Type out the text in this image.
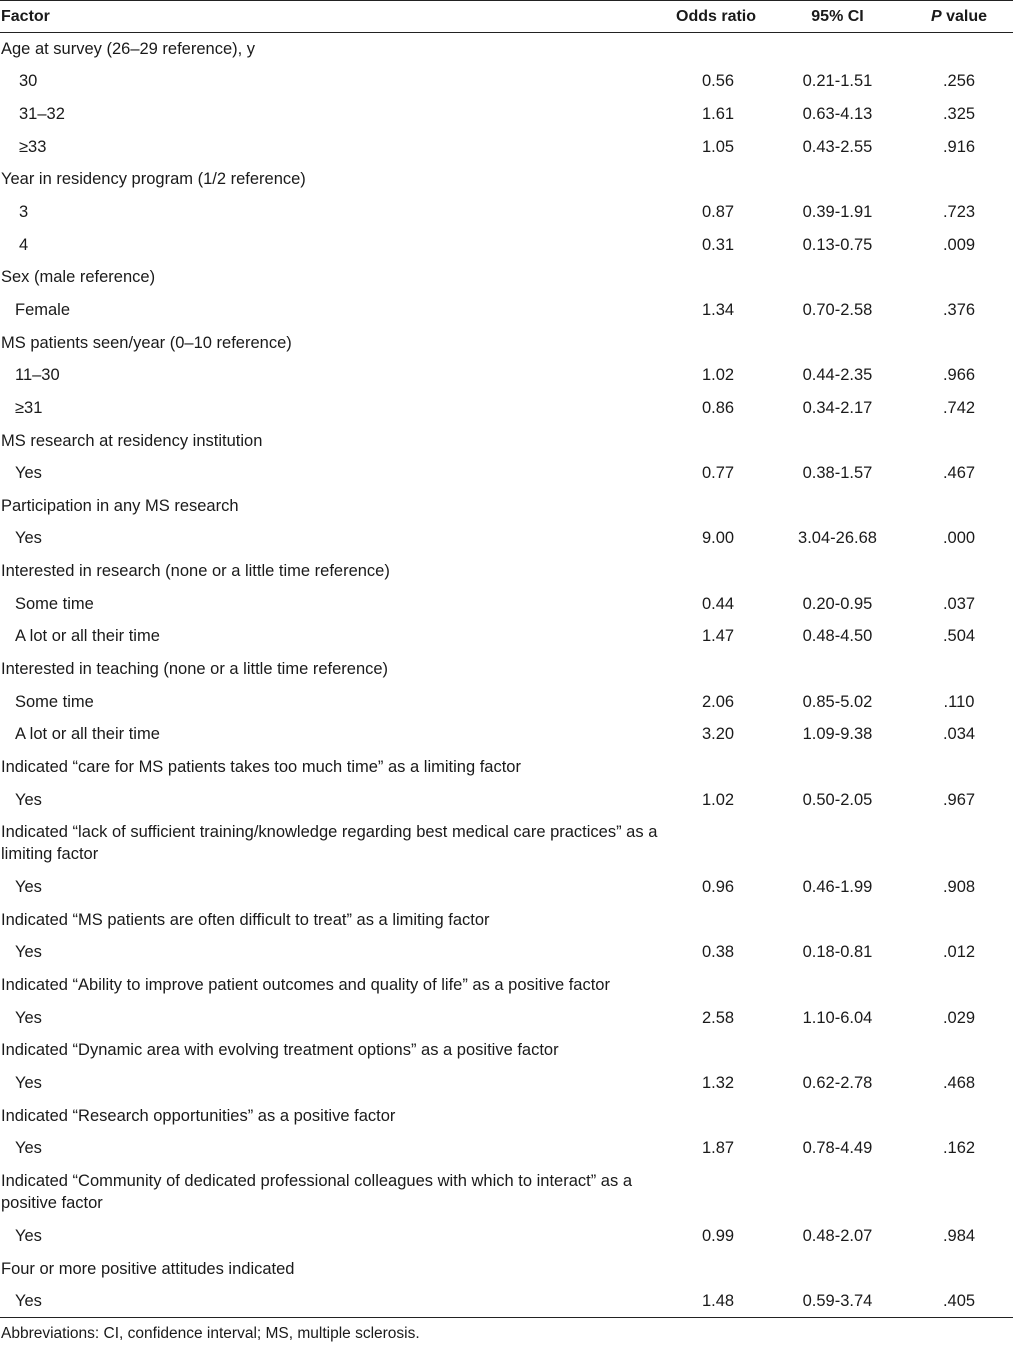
Factor	Odds ratio	95% CI	P value
Age at survey (26–29 reference), y			
30	0.56	0.21-1.51	.256
31–32	1.61	0.63-4.13	.325
≥33	1.05	0.43-2.55	.916
Year in residency program (1/2 reference)			
3	0.87	0.39-1.91	.723
4	0.31	0.13-0.75	.009
Sex (male reference)			
Female	1.34	0.70-2.58	.376
MS patients seen/year (0–10 reference)			
11–30	1.02	0.44-2.35	.966
≥31	0.86	0.34-2.17	.742
MS research at residency institution			
Yes	0.77	0.38-1.57	.467
Participation in any MS research			
Yes	9.00	3.04-26.68	.000
Interested in research (none or a little time reference)			
Some time	0.44	0.20-0.95	.037
A lot or all their time	1.47	0.48-4.50	.504
Interested in teaching (none or a little time reference)			
Some time	2.06	0.85-5.02	.110
A lot or all their time	3.20	1.09-9.38	.034
Indicated “care for MS patients takes too much time” as a limiting factor			
Yes	1.02	0.50-2.05	.967
Indicated “lack of sufficient training/knowledge regarding best medical care practices” as a limiting factor			
Yes	0.96	0.46-1.99	.908
Indicated “MS patients are often difficult to treat” as a limiting factor			
Yes	0.38	0.18-0.81	.012
Indicated “Ability to improve patient outcomes and quality of life” as a positive factor			
Yes	2.58	1.10-6.04	.029
Indicated “Dynamic area with evolving treatment options” as a positive factor			
Yes	1.32	0.62-2.78	.468
Indicated “Research opportunities” as a positive factor			
Yes	1.87	0.78-4.49	.162
Indicated “Community of dedicated professional colleagues with which to interact” as a positive factor			
Yes	0.99	0.48-2.07	.984
Four or more positive attitudes indicated			
Yes	1.48	0.59-3.74	.405
Abbreviations: CI, confidence interval; MS, multiple sclerosis.
